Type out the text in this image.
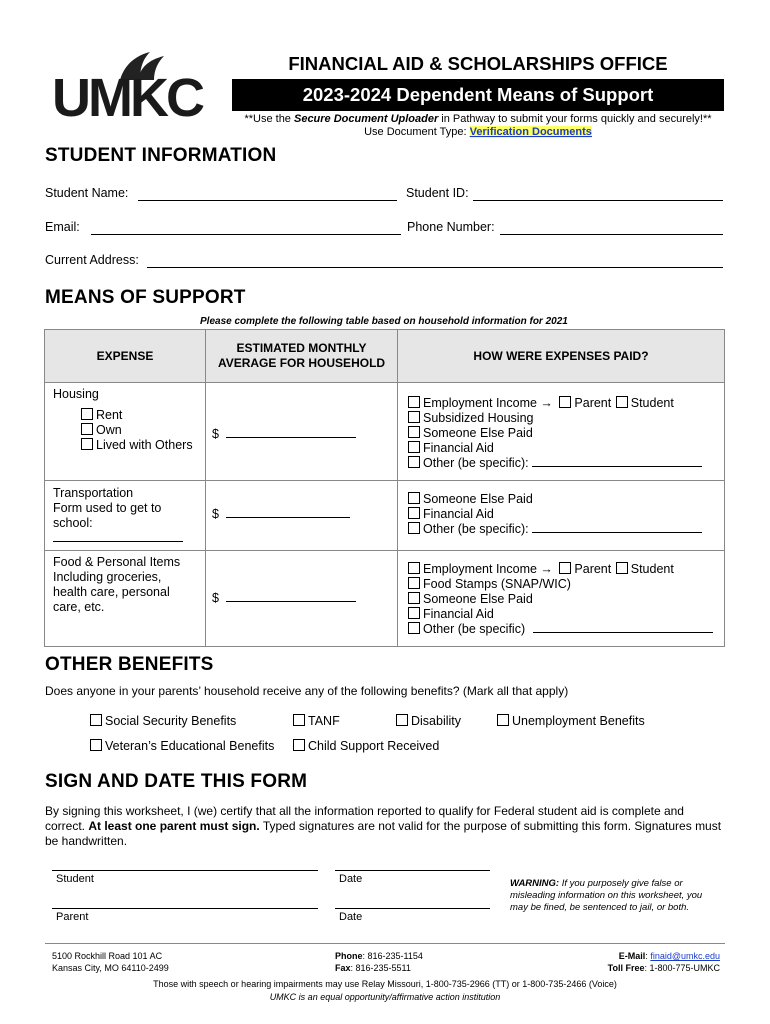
UMKC
FINANCIAL AID & SCHOLARSHIPS OFFICE
2023-2024 Dependent Means of Support
**Use the Secure Document Uploader in Pathway to submit your forms quickly and securely!**
Use Document Type: Verification Documents
STUDENT INFORMATION
Student Name:	Student ID:
Email:	Phone Number:
Current Address:
MEANS OF SUPPORT
Please complete the following table based on household information for 2021
EXPENSE	ESTIMATED MONTHLY AVERAGE FOR HOUSEHOLD	HOW WERE EXPENSES PAID?

Housing
Rent
Own
Lived with Others	$	Employment Income → Parent Student
Subsidized Housing
Someone Else Paid
Financial Aid
Other (be specific):

Transportation
Form used to get to
school:	$	Someone Else Paid
Financial Aid
Other (be specific):

Food & Personal Items
Including groceries,
health care, personal
care, etc.	$	Employment Income → Parent Student
Food Stamps (SNAP/WIC)
Someone Else Paid
Financial Aid
Other (be specific)
OTHER BENEFITS
Does anyone in your parents’ household receive any of the following benefits? (Mark all that apply)
Social Security Benefits	TANF	Disability	Unemployment Benefits
Veteran’s Educational Benefits	Child Support Received
SIGN AND DATE THIS FORM
By signing this worksheet, I (we) certify that all the information reported to qualify for Federal student aid is complete and correct. At least one parent must sign. Typed signatures are not valid for the purpose of submitting this form. Signatures must be handwritten.
Student	Date
Parent	Date
WARNING: If you purposely give false or misleading information on this worksheet, you may be fined, be sentenced to jail, or both.
5100 Rockhill Road 101 AC
Kansas City, MO 64110-2499
Phone: 816-235-1154
Fax: 816-235-5511
E-Mail: finaid@umkc.edu
Toll Free: 1-800-775-UMKC
Those with speech or hearing impairments may use Relay Missouri, 1-800-735-2966 (TT) or 1-800-735-2466 (Voice)
UMKC is an equal opportunity/affirmative action institution
